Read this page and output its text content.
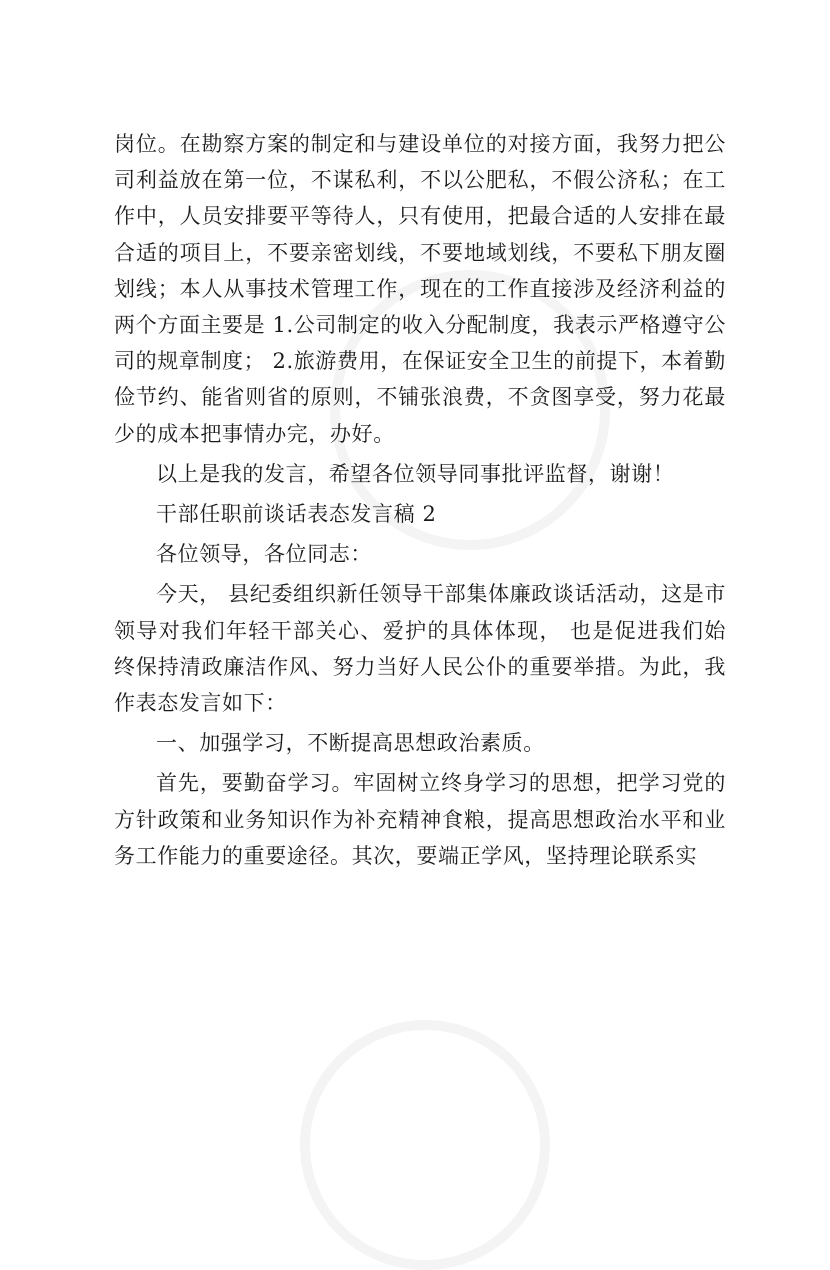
岗位。在勘察方案的制定和与建设单位的对接方面，我努力把公司利益放在第一位，不谋私利，不以公肥私，不假公济私；在工作中，人员安排要平等待人，只有使用，把最合适的人安排在最合适的项目上，不要亲密划线，不要地域划线，不要私下朋友圈划线；本人从事技术管理工作，现在的工作直接涉及经济利益的两个方面主要是 1.公司制定的收入分配制度，我表示严格遵守公司的规章制度； 2.旅游费用，在保证安全卫生的前提下，本着勤俭节约、能省则省的原则，不铺张浪费，不贪图享受，努力花最少的成本把事情办完，办好。

以上是我的发言，希望各位领导同事批评监督，谢谢！

干部任职前谈话表态发言稿 2

各位领导，各位同志：

今天， 县纪委组织新任领导干部集体廉政谈话活动，这是市领导对我们年轻干部关心、爱护的具体体现， 也是促进我们始终保持清政廉洁作风、努力当好人民公仆的重要举措。为此，我作表态发言如下：

一、加强学习，不断提高思想政治素质。

首先，要勤奋学习。牢固树立终身学习的思想，把学习党的方针政策和业务知识作为补充精神食粮，提高思想政治水平和业务工作能力的重要途径。其次，要端正学风，坚持理论联系实
